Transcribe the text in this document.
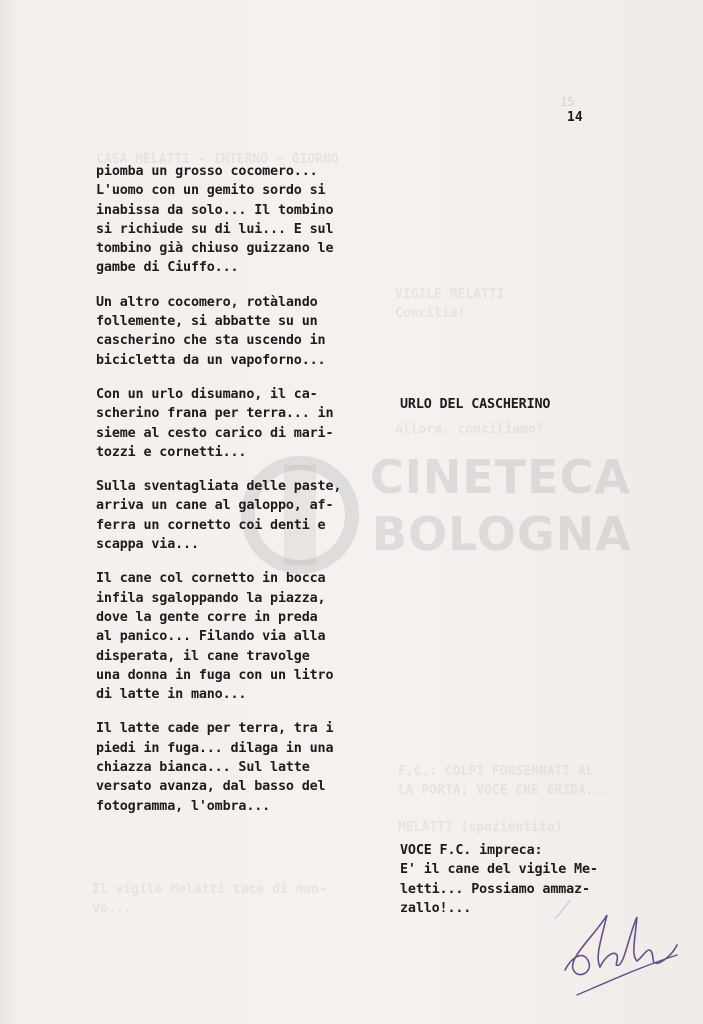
15
14
CASA MELATTI - INTERNO - GIORNO
VIGILE MELATTI
Concilia!
allora, conciliamo?
F.C.: COLPI FORSENNATI AL
LA PORTA; VOCE CHE GRIDA...
MELATTI (spazientito)
Il vigile Melatti tace di nuo-
vo...
CINETECA
BOLOGNA
piomba un grosso cocomero...
L'uomo con un gemito sordo si
inabissa da solo... Il tombino
si richiude su di lui... E sul
tombino già chiuso guizzano le
gambe di Ciuffo...
Un altro cocomero, rotàlando
follemente, si abbatte su un
cascherino che sta uscendo in
bicicletta da un vapoforno...
Con un urlo disumano, il ca-
scherino frana per terra... in
sieme al cesto carico di mari-
tozzi e cornetti...
Sulla sventagliata delle paste,
arriva un cane al galoppo, af-
ferra un cornetto coi denti e
scappa via...
Il cane col cornetto in bocca
infila sgaloppando la piazza,
dove la gente corre in preda
al panico... Filando via alla
disperata, il cane travolge
una donna in fuga con un litro
di latte in mano...
Il latte cade per terra, tra i
piedi in fuga... dilaga in una
chiazza bianca... Sul latte
versato avanza, dal basso del
fotogramma, l'ombra...
URLO DEL CASCHERINO
VOCE F.C. impreca:
E' il cane del vigile Me-
letti... Possiamo ammaz-
zallo!...
